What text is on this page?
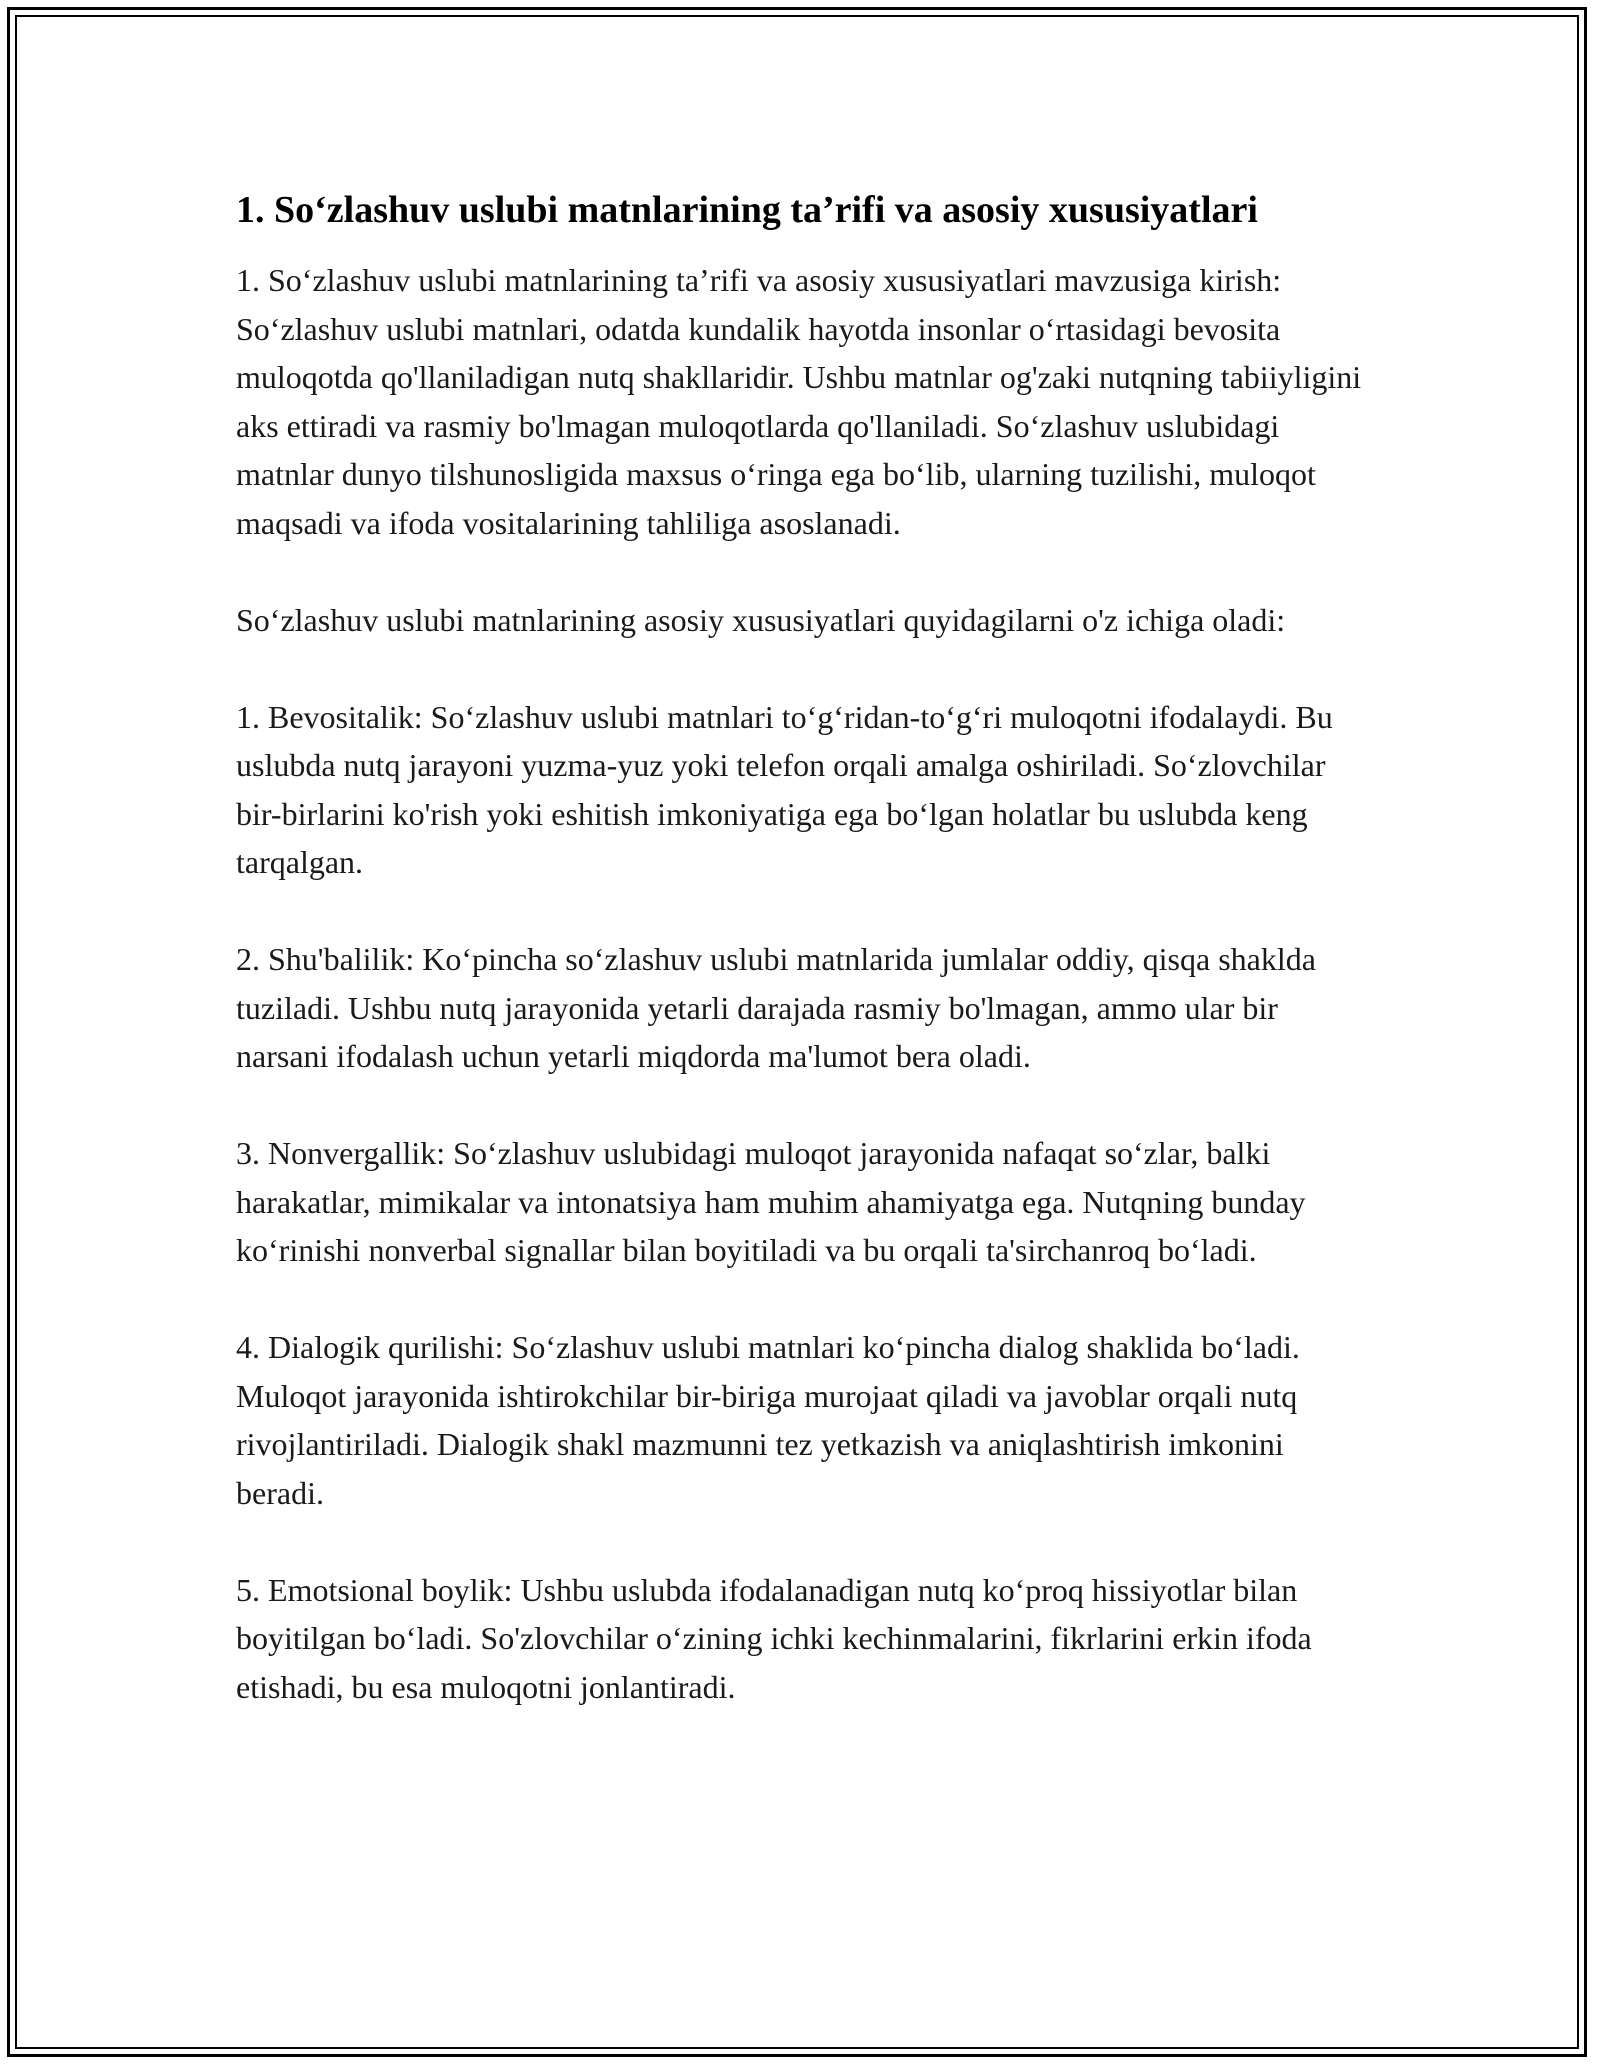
1. So‘zlashuv uslubi matnlarining ta’rifi va asosiy xususiyatlari

1. So‘zlashuv uslubi matnlarining ta’rifi va asosiy xususiyatlari mavzusiga kirish: So‘zlashuv uslubi matnlari, odatda kundalik hayotda insonlar o‘rtasidagi bevosita muloqotda qo'llaniladigan nutq shakllaridir. Ushbu matnlar og'zaki nutqning tabiiyligini aks ettiradi va rasmiy bo'lmagan muloqotlarda qo'llaniladi. So‘zlashuv uslubidagi matnlar dunyo tilshunosligida maxsus o‘ringa ega bo‘lib, ularning tuzilishi, muloqot maqsadi va ifoda vositalarining tahliliga asoslanadi.

So‘zlashuv uslubi matnlarining asosiy xususiyatlari quyidagilarni o'z ichiga oladi:

1. Bevositalik: So‘zlashuv uslubi matnlari to‘g‘ridan-to‘g‘ri muloqotni ifodalaydi. Bu uslubda nutq jarayoni yuzma-yuz yoki telefon orqali amalga oshiriladi. So‘zlovchilar bir-birlarini ko'rish yoki eshitish imkoniyatiga ega bo‘lgan holatlar bu uslubda keng tarqalgan.

2. Shu'balilik: Ko‘pincha so‘zlashuv uslubi matnlarida jumlalar oddiy, qisqa shaklda tuziladi. Ushbu nutq jarayonida yetarli darajada rasmiy bo'lmagan, ammo ular bir narsani ifodalash uchun yetarli miqdorda ma'lumot bera oladi.

3. Nonvergallik: So‘zlashuv uslubidagi muloqot jarayonida nafaqat so‘zlar, balki harakatlar, mimikalar va intonatsiya ham muhim ahamiyatga ega. Nutqning bunday ko‘rinishi nonverbal signallar bilan boyitiladi va bu orqali ta'sirchanroq bo‘ladi.

4. Dialogik qurilishi: So‘zlashuv uslubi matnlari ko‘pincha dialog shaklida bo‘ladi. Muloqot jarayonida ishtirokchilar bir-biriga murojaat qiladi va javoblar orqali nutq rivojlantiriladi. Dialogik shakl mazmunni tez yetkazish va aniqlashtirish imkonini beradi.

5. Emotsional boylik: Ushbu uslubda ifodalanadigan nutq ko‘proq hissiyotlar bilan boyitilgan bo‘ladi. So'zlovchilar o‘zining ichki kechinmalarini, fikrlarini erkin ifoda etishadi, bu esa muloqotni jonlantiradi.
